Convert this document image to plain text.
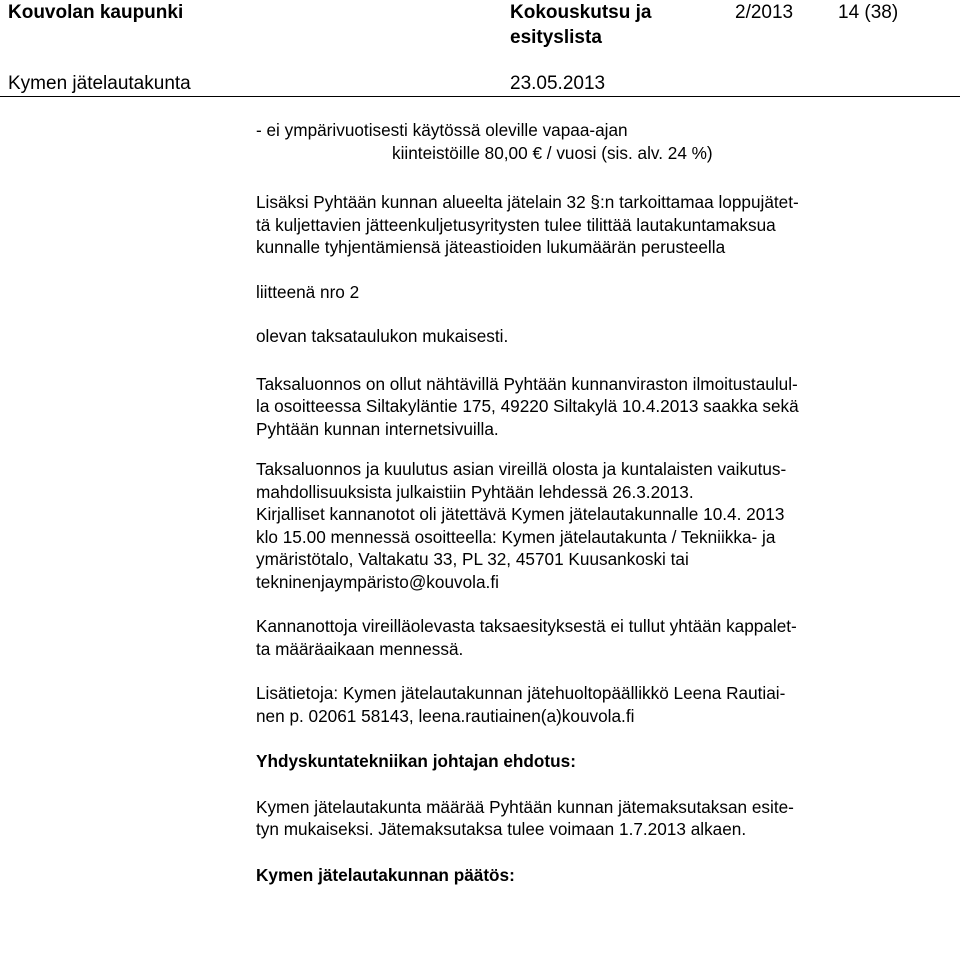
Kouvolan kaupunki	Kokouskutsu ja
esityslista
2/2013 14 (38)
Kymen jätelautakunta	23.05.2013

- ei ympärivuotisesti käytössä oleville vapaa-ajan

kiinteistöille 80,00 € / vuosi (sis. alv. 24 %)

Lisäksi Pyhtään kunnan alueelta jätelain 32 §:n tarkoittamaa loppujätet-

tä kuljettavien jätteenkuljetusyritysten tulee tilittää lautakuntamaksua

kunnalle tyhjentämiensä jäteastioiden lukumäärän perusteella

liitteenä nro 2

olevan taksataulukon mukaisesti.

Taksaluonnos on ollut nähtävillä Pyhtään kunnanviraston ilmoitustaulul-

la osoitteessa Siltakyläntie 175, 49220 Siltakylä 10.4.2013 saakka sekä

Pyhtään kunnan internetsivuilla.

Taksaluonnos ja kuulutus asian vireillä olosta ja kuntalaisten vaikutus-

mahdollisuuksista julkaistiin Pyhtään lehdessä 26.3.2013.

Kirjalliset kannanotot oli jätettävä Kymen jätelautakunnalle 10.4. 2013

klo 15.00 mennessä osoitteella: Kymen jätelautakunta / Tekniikka- ja

ymäristötalo, Valtakatu 33, PL 32, 45701 Kuusankoski tai

tekninenjaympäristo@kouvola.fi

Kannanottoja vireilläolevasta taksaesityksestä ei tullut yhtään kappalet-

ta määräaikaan mennessä.

Lisätietoja: Kymen jätelautakunnan jätehuoltopäällikkö Leena Rautiai-

nen p. 02061 58143, leena.rautiainen(a)kouvola.fi

Yhdyskuntatekniikan johtajan ehdotus:

Kymen jätelautakunta määrää Pyhtään kunnan jätemaksutaksan esite-

tyn mukaiseksi. Jätemaksutaksa tulee voimaan 1.7.2013 alkaen.

Kymen jätelautakunnan päätös:
